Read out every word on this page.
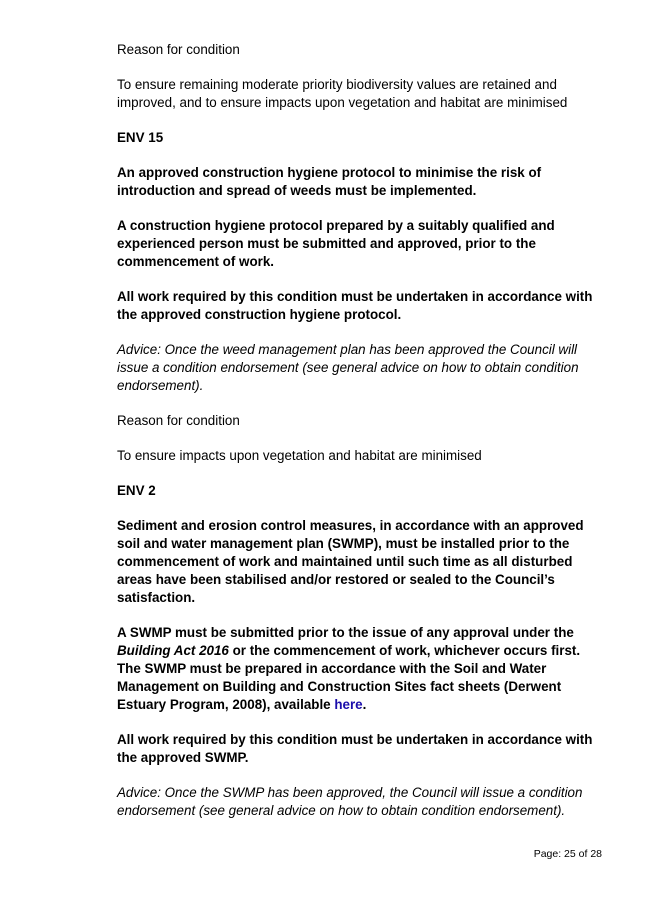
Reason for condition

To ensure remaining moderate priority biodiversity values are retained and improved, and to ensure impacts upon vegetation and habitat are minimised

ENV 15

An approved construction hygiene protocol to minimise the risk of introduction and spread of weeds must be implemented.

A construction hygiene protocol prepared by a suitably qualified and experienced person must be submitted and approved, prior to the commencement of work.

All work required by this condition must be undertaken in accordance with the approved construction hygiene protocol.

Advice: Once the weed management plan has been approved the Council will issue a condition endorsement (see general advice on how to obtain condition endorsement).

Reason for condition

To ensure impacts upon vegetation and habitat are minimised

ENV 2

Sediment and erosion control measures, in accordance with an approved soil and water management plan (SWMP), must be installed prior to the commencement of work and maintained until such time as all disturbed areas have been stabilised and/or restored or sealed to the Council’s satisfaction.

A SWMP must be submitted prior to the issue of any approval under the Building Act 2016 or the commencement of work, whichever occurs first. The SWMP must be prepared in accordance with the Soil and Water Management on Building and Construction Sites fact sheets (Derwent Estuary Program, 2008), available here.

All work required by this condition must be undertaken in accordance with the approved SWMP.

Advice: Once the SWMP has been approved, the Council will issue a condition endorsement (see general advice on how to obtain condition endorsement).

Page: 25 of 28
